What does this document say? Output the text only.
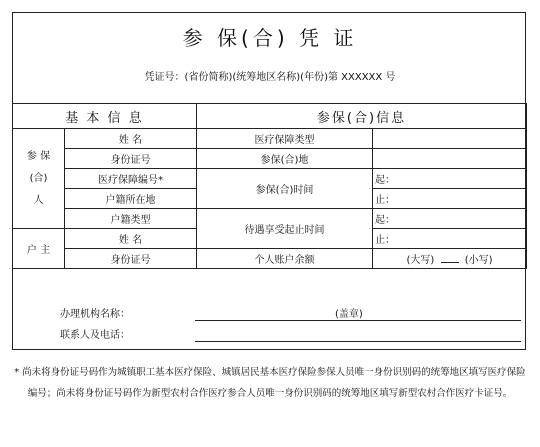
参 保(合) 凭 证
凭证号：(省份简称)(统筹地区名称)(年份)第 XXXXXX 号
基 本 信 息		参保(合)信息	
参 保
(合)
人	姓 名	医疗保障类型	
	身份证号	参保(合)地	
	医疗保障编号*	参保(合)时间	起：
	户籍所在地		止：
	户籍类型	待遇享受起止时间	起：
户 主	姓 名		止：
	身份证号	个人账户余额	(大写) (小写)
办理机构名称：	(盖章)
联系人及电话：
* 尚未将身份证号码作为城镇职工基本医疗保险、城镇居民基本医疗保险参保人员唯一身份识别码的统筹地区填写医疗保险编号；尚未将身份证号码作为新型农村合作医疗参合人员唯一身份识别码的统筹地区填写新型农村合作医疗卡证号。
